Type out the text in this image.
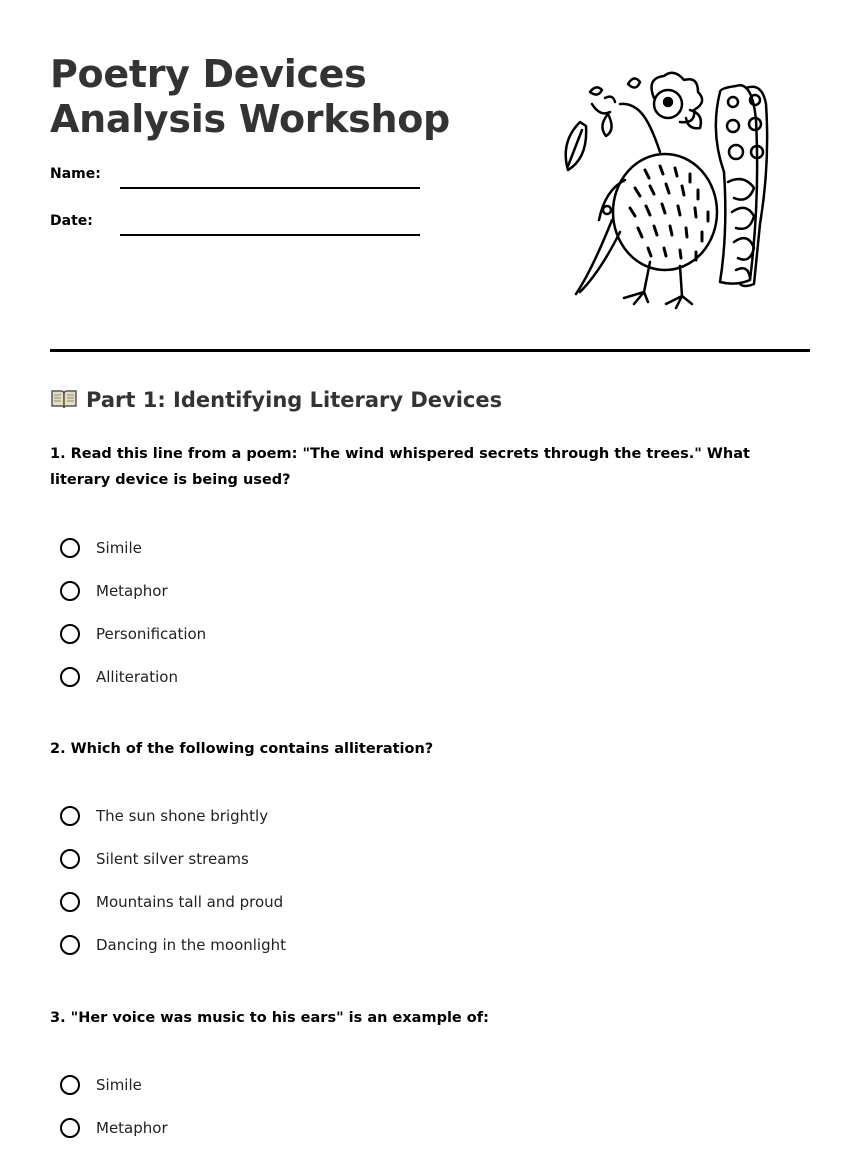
Poetry Devices Analysis Workshop
Name:
Date:
Part 1: Identifying Literary Devices
1. Read this line from a poem: "The wind whispered secrets through the trees." What literary device is being used?
Simile
Metaphor
Personification
Alliteration
2. Which of the following contains alliteration?
The sun shone brightly
Silent silver streams
Mountains tall and proud
Dancing in the moonlight
3. "Her voice was music to his ears" is an example of:
Simile
Metaphor
